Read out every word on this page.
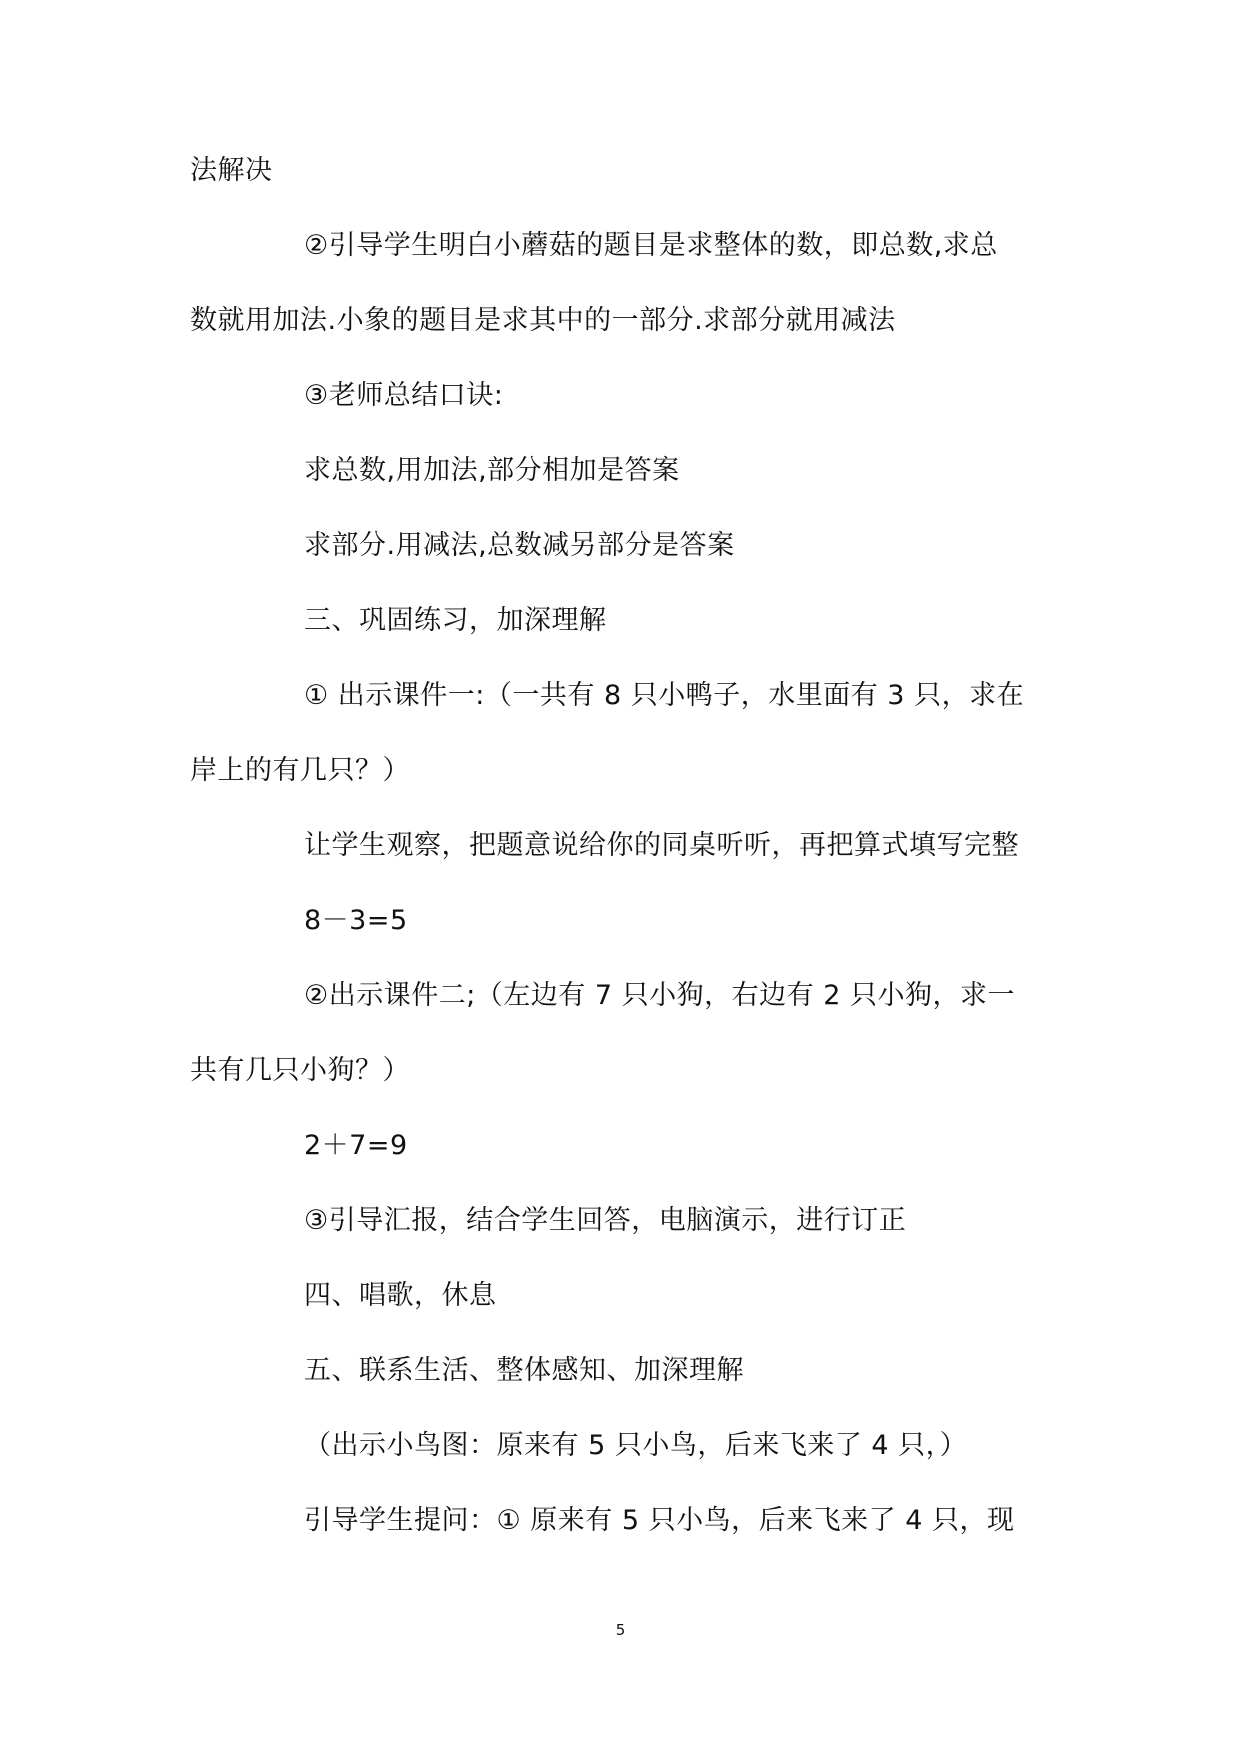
法解决
②引导学生明白小蘑菇的题目是求整体的数，即总数,求总
数就用加法.小象的题目是求其中的一部分.求部分就用减法
③老师总结口诀:
求总数,用加法,部分相加是答案
求部分.用减法,总数减另部分是答案
三、巩固练习，加深理解
① 出示课件一:（一共有 8 只小鸭子，水里面有 3 只，求在
岸上的有几只？）
让学生观察，把题意说给你的同桌听听，再把算式填写完整
8－3=5
②出示课件二;（左边有 7 只小狗，右边有 2 只小狗，求一
共有几只小狗？）
2＋7=9
③引导汇报，结合学生回答，电脑演示，进行订正
四、唱歌，休息
五、联系生活、整体感知、加深理解
（出示小鸟图：原来有 5 只小鸟，后来飞来了 4 只，）
引导学生提问：① 原来有 5 只小鸟，后来飞来了 4 只，现
5
